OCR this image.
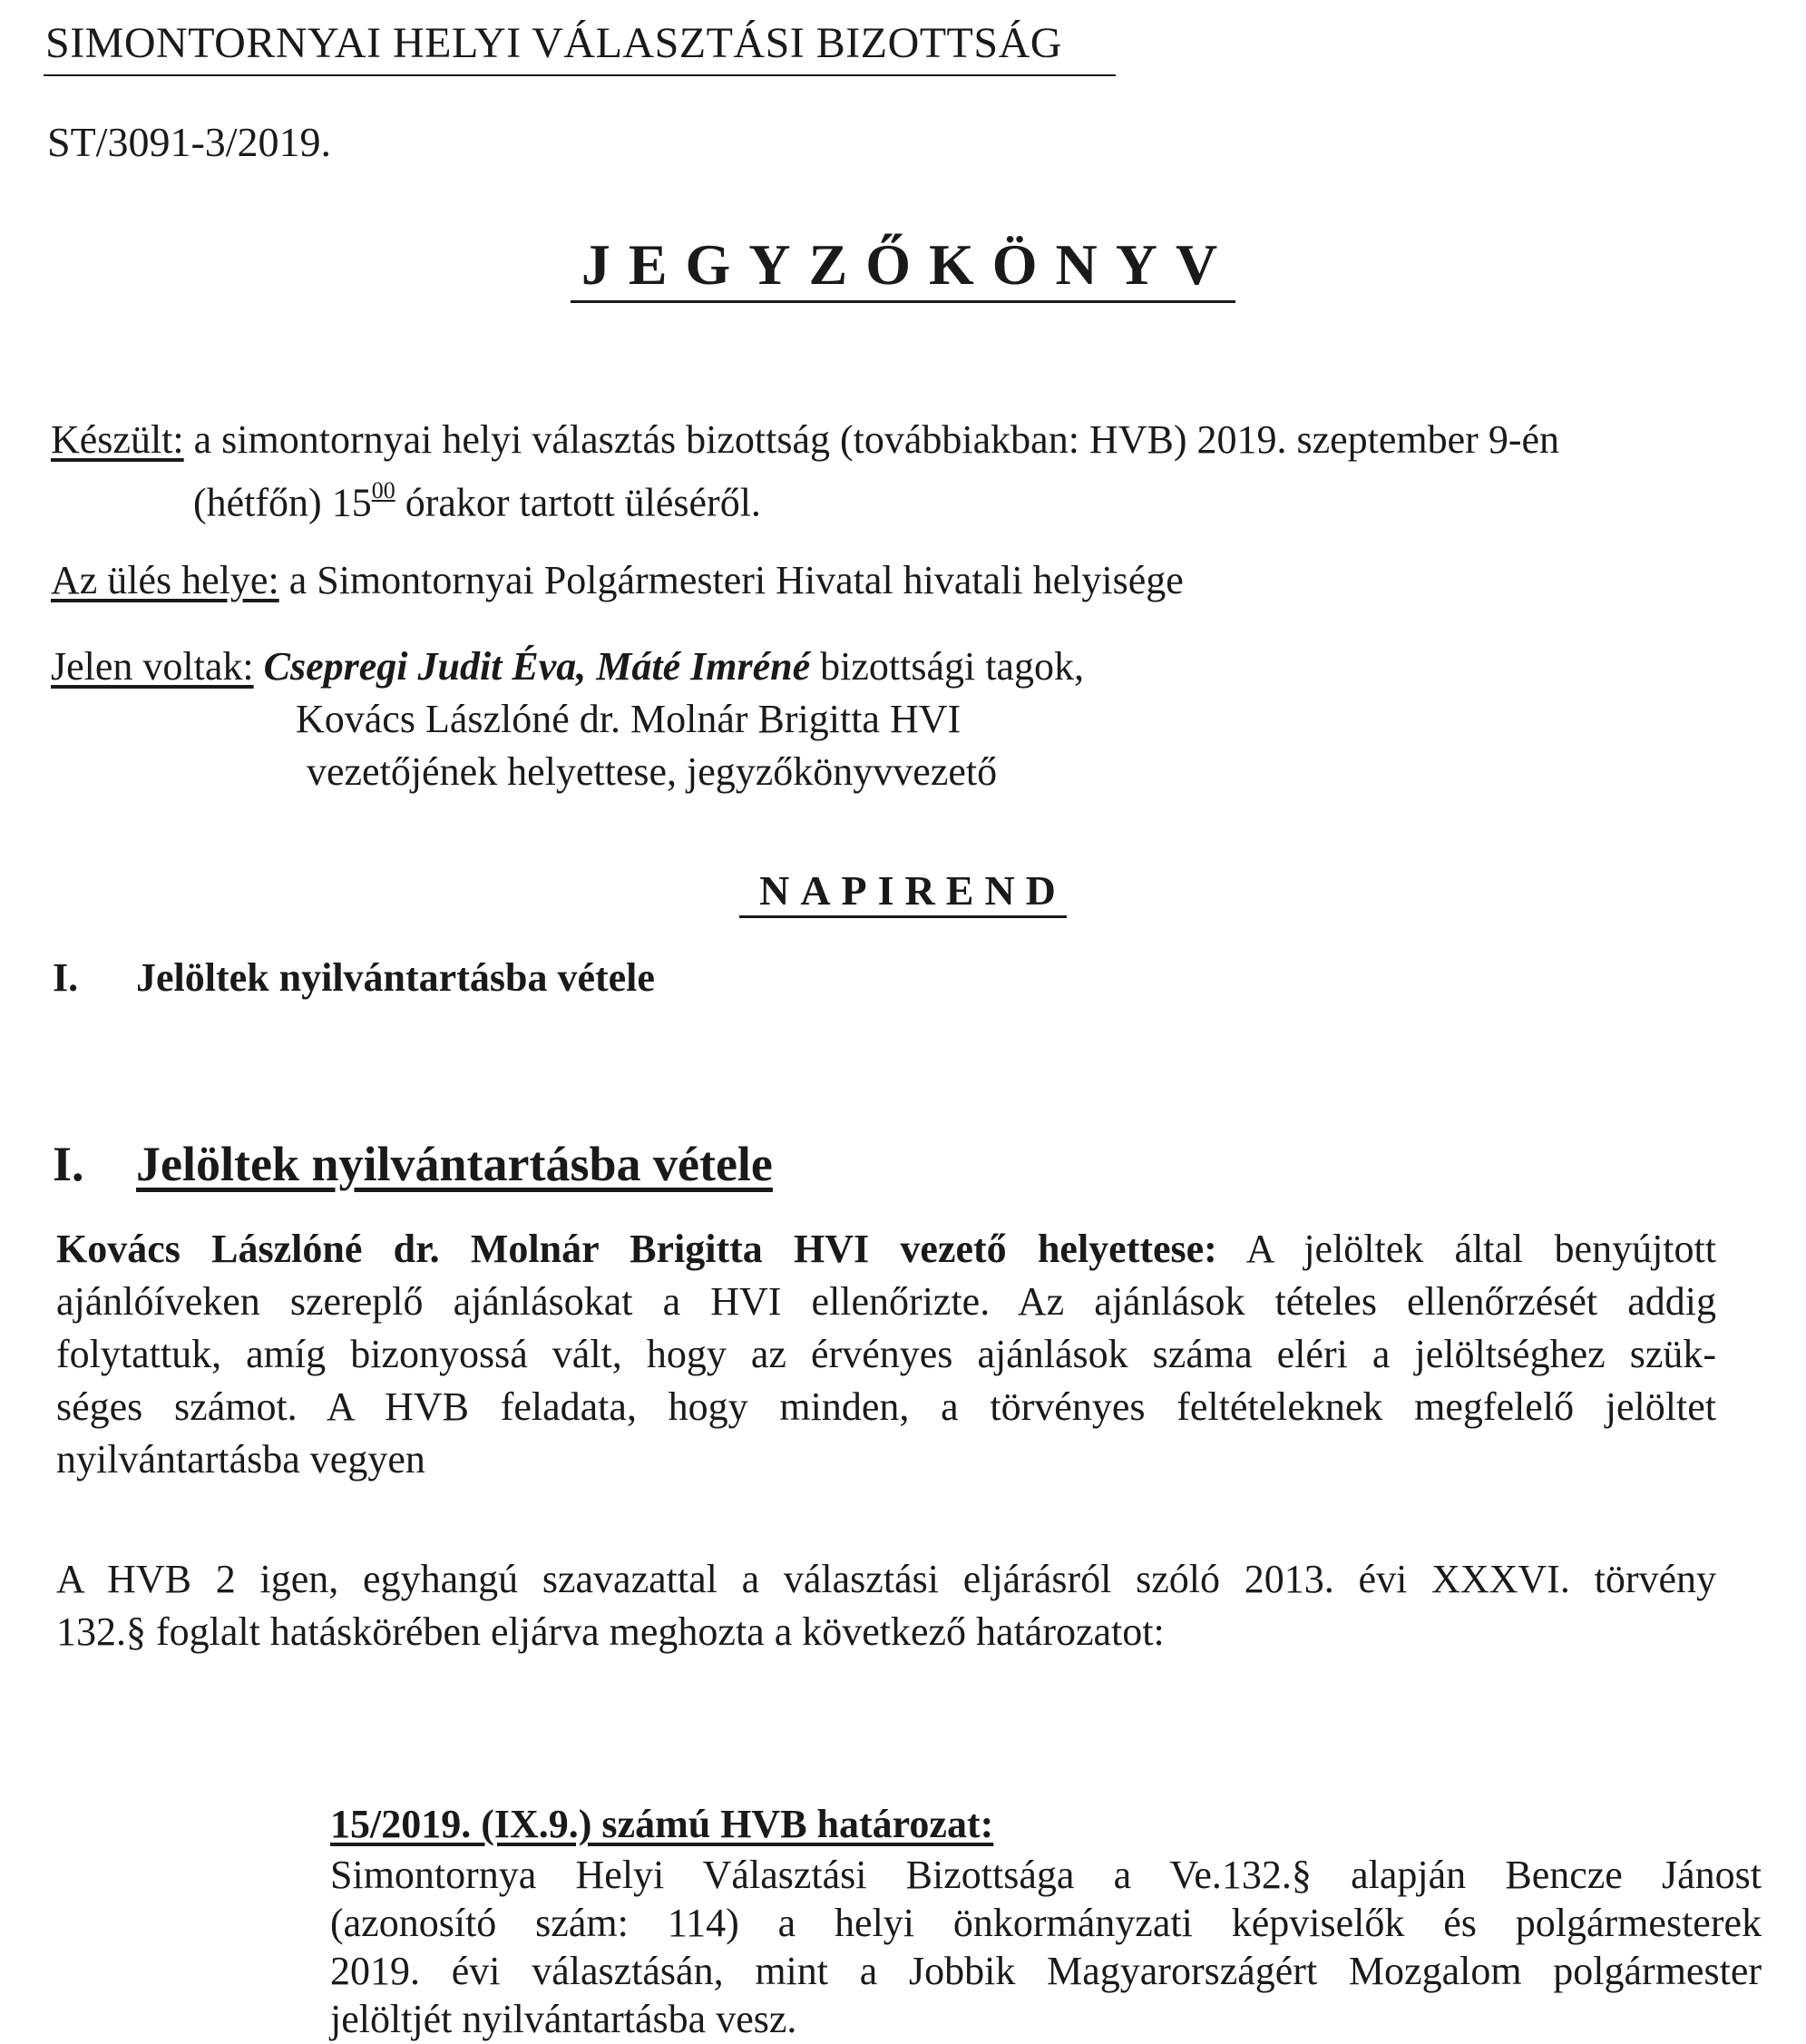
SIMONTORNYAI HELYI VÁLASZTÁSI BIZOTTSÁG
ST/3091-3/2019.
JEGYZŐKÖNYV
Készült: a simontornyai helyi választás bizottság (továbbiakban: HVB) 2019. szeptember 9-én
(hétfőn) $15^{00}$ órakor tartott üléséről.
Az ülés helye: a Simontornyai Polgármesteri Hivatal hivatali helyisége
Jelen voltak: Csepregi Judit Éva, Máté Imréné bizottsági tagok,
Kovács Lászlóné dr. Molnár Brigitta HVI
vezetőjének helyettese, jegyzőkönyvvezető
NAPIREND
I. Jelöltek nyilvántartásba vétele
I. Jelöltek nyilvántartásba vétele
Kovács Lászlóné dr. Molnár Brigitta HVI vezető helyettese: A jelöltek által benyújtott
ajánlóíveken szereplő ajánlásokat a HVI ellenőrizte. Az ajánlások tételes ellenőrzését addig
folytattuk, amíg bizonyossá vált, hogy az érvényes ajánlások száma eléri a jelöltséghez szük-
séges számot. A HVB feladata, hogy minden, a törvényes feltételeknek megfelelő jelöltet
nyilvántartásba vegyen
A HVB 2 igen, egyhangú szavazattal a választási eljárásról szóló 2013. évi XXXVI. törvény
132.§ foglalt hatáskörében eljárva meghozta a következő határozatot:
15/2019. (IX.9.) számú HVB határozat:
Simontornya Helyi Választási Bizottsága a Ve.132.§ alapján Bencze Jánost
(azonosító szám: 114) a helyi önkormányzati képviselők és polgármesterek
2019. évi választásán, mint a Jobbik Magyarországért Mozgalom polgármester
jelöltjét nyilvántartásba vesz.
